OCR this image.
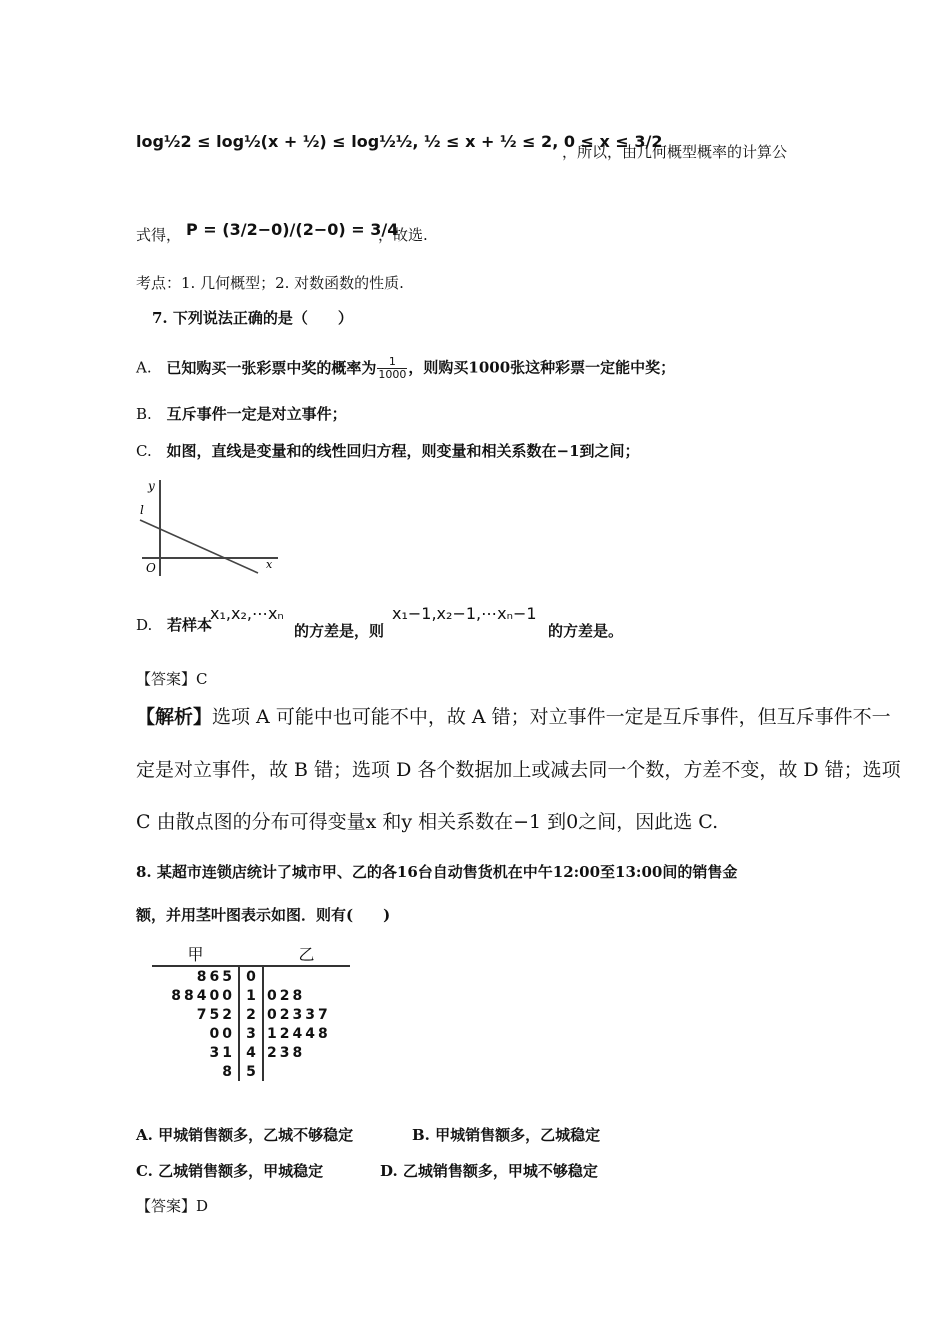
log½2 ≤ log½(x + ½) ≤ log½½, ½ ≤ x + ½ ≤ 2, 0 ≤ x ≤ 3/2
，所以，由几何概型概率的计算公
式得， P = (3/2−0)/(2−0) = 3/4
，故选.
考点：1. 几何概型；2. 对数函数的性质.
7. 下列说法正确的是（　　）
A. 已知购买一张彩票中奖的概率为 $\frac{1}{1000}$ ，则购买1000张这种彩票一定能中奖；
B. 互斥事件一定是对立事件；
C. 如图，直线是变量和的线性回归方程，则变量和相关系数在−1到之间；
y
l
O	x
D. 若样本
x₁,x₂,⋯xₙ
的方差是，则
x₁−1,x₂−1,⋯xₙ−1
的方差是。
【答案】C
【解析】选项 A 可能中也可能不中，故 A 错；对立事件一定是互斥事件，但互斥事件不一
定是对立事件，故 B 错；选项 D 各个数据加上或减去同一个数，方差不变，故 D 错；选项
C 由散点图的分布可得变量x 和y 相关系数在−1 到0之间，因此选 C.
8. 某超市连锁店统计了城市甲、乙的各16台自动售货机在中午12:00至13:00间的销售金
额，并用茎叶图表示如图．则有(　　)
甲		乙
865	0	
88400	1	028
752	2	02337
00	3	12448
31	4	238
8	5	
A. 甲城销售额多，乙城不够稳定	B. 甲城销售额多，乙城稳定
C. 乙城销售额多，甲城稳定	D. 乙城销售额多，甲城不够稳定
【答案】D
